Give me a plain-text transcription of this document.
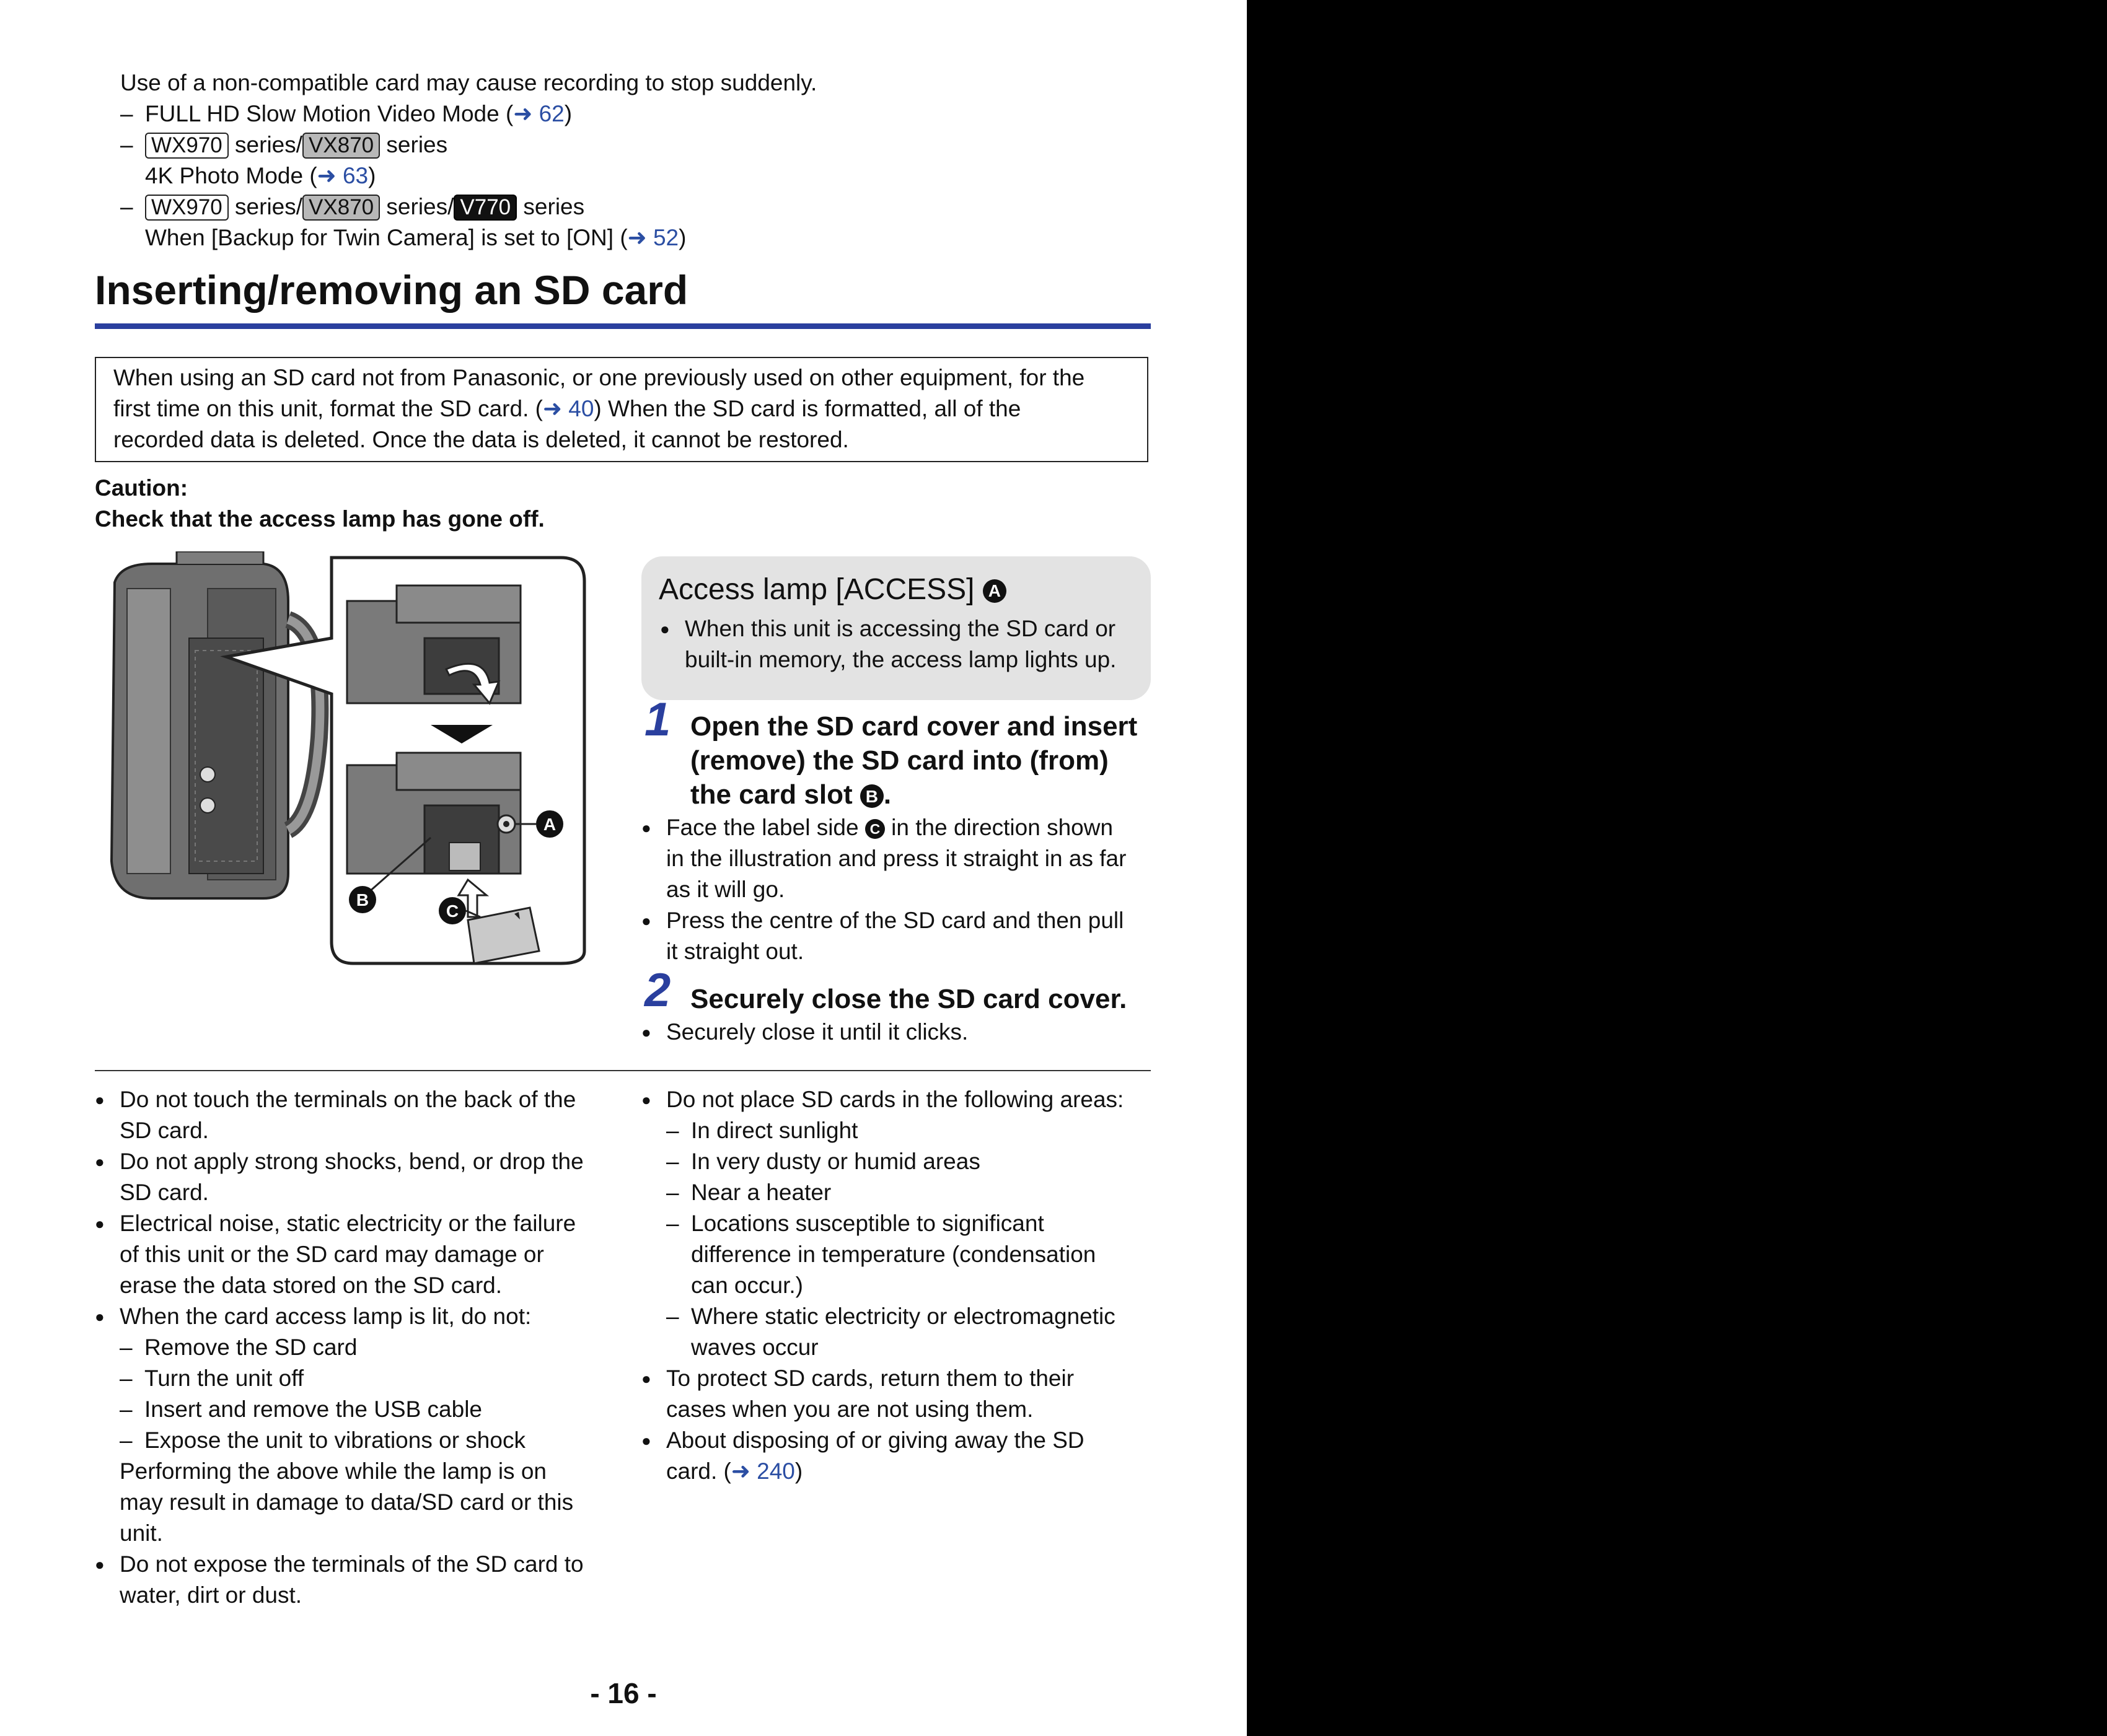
Use of a non-compatible card may cause recording to stop suddenly.
– FULL HD Slow Motion Video Mode (➜ 62)
– WX970 series/ VX870 series
4K Photo Mode (➜ 63)
– WX970 series/ VX870 series/ V770 series
When [Backup for Twin Camera] is set to [ON] (➜ 52)
Inserting/removing an SD card
When using an SD card not from Panasonic, or one previously used on other equipment, for the
first time on this unit, format the SD card. (➜ 40) When the SD card is formatted, all of the
recorded data is deleted. Once the data is deleted, it cannot be restored.
Caution:
Check that the access lamp has gone off.
A
B
C
Access lamp [ACCESS] A
● When this unit is accessing the SD card or
built-in memory, the access lamp lights up.
1 Open the SD card cover and insert
(remove) the SD card into (from)
the card slot B .
● Face the label side C in the direction shown
in the illustration and press it straight in as far
as it will go.
● Press the centre of the SD card and then pull
it straight out.
2 Securely close the SD card cover.
● Securely close it until it clicks.
● Do not touch the terminals on the back of the
SD card.
● Do not apply strong shocks, bend, or drop the
SD card.
● Electrical noise, static electricity or the failure
of this unit or the SD card may damage or
erase the data stored on the SD card.
● When the card access lamp is lit, do not:
– Remove the SD card
– Turn the unit off
– Insert and remove the USB cable
– Expose the unit to vibrations or shock
Performing the above while the lamp is on
may result in damage to data/SD card or this
unit.
● Do not expose the terminals of the SD card to
water, dirt or dust.
● Do not place SD cards in the following areas:
– In direct sunlight
– In very dusty or humid areas
– Near a heater
– Locations susceptible to significant
difference in temperature (condensation
can occur.)
– Where static electricity or electromagnetic
waves occur
● To protect SD cards, return them to their
cases when you are not using them.
● About disposing of or giving away the SD
card. (➜ 240)
- 16 -
